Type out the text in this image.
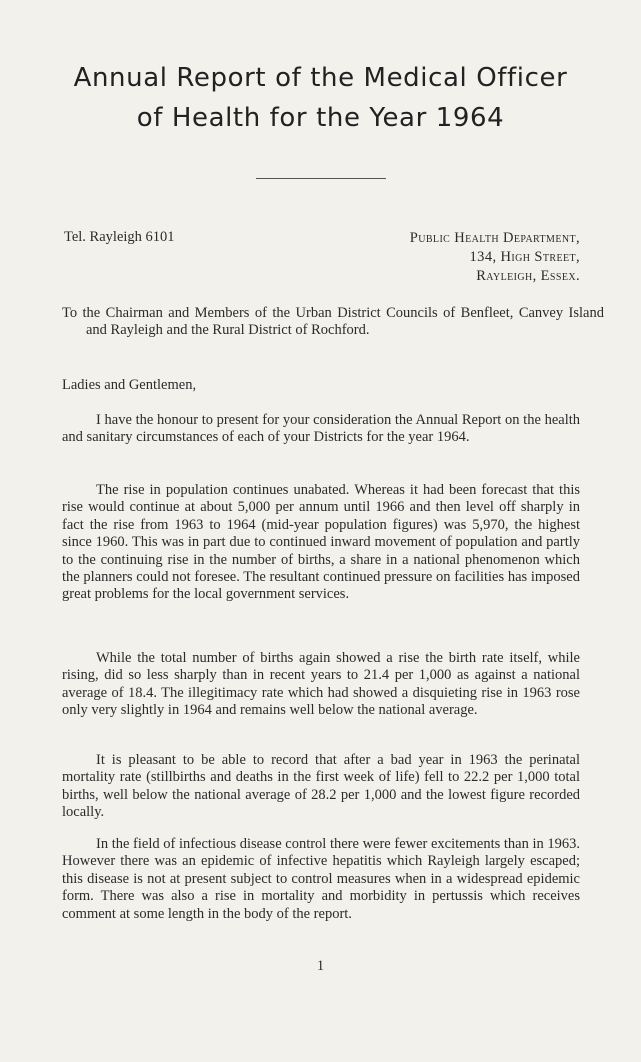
Annual Report of the Medical Officer
of Health for the Year 1964
Tel. Rayleigh 6101	Public Health Department,
134, High Street,
Rayleigh, Essex.
To the Chairman and Members of the Urban District Councils of Benfleet, Canvey Island and Rayleigh and the Rural District of Rochford.
Ladies and Gentlemen,
I have the honour to present for your consideration the Annual Report on the health and sanitary circumstances of each of your Districts for the year 1964.
The rise in population continues unabated. Whereas it had been forecast that this rise would continue at about 5,000 per annum until 1966 and then level off sharply in fact the rise from 1963 to 1964 (mid-year population figures) was 5,970, the highest since 1960. This was in part due to continued inward movement of population and partly to the continuing rise in the number of births, a share in a national phenomenon which the planners could not foresee. The resultant continued pressure on facilities has imposed great problems for the local government services.
While the total number of births again showed a rise the birth rate itself, while rising, did so less sharply than in recent years to 21.4 per 1,000 as against a national average of 18.4. The illegitimacy rate which had showed a disquieting rise in 1963 rose only very slightly in 1964 and remains well below the national average.
It is pleasant to be able to record that after a bad year in 1963 the perinatal mortality rate (stillbirths and deaths in the first week of life) fell to 22.2 per 1,000 total births, well below the national average of 28.2 per 1,000 and the lowest figure recorded locally.
In the field of infectious disease control there were fewer excitements than in 1963. However there was an epidemic of infective hepatitis which Rayleigh largely escaped; this disease is not at present subject to control measures when in a widespread epidemic form. There was also a rise in mortality and morbidity in pertussis which receives comment at some length in the body of the report.
1
